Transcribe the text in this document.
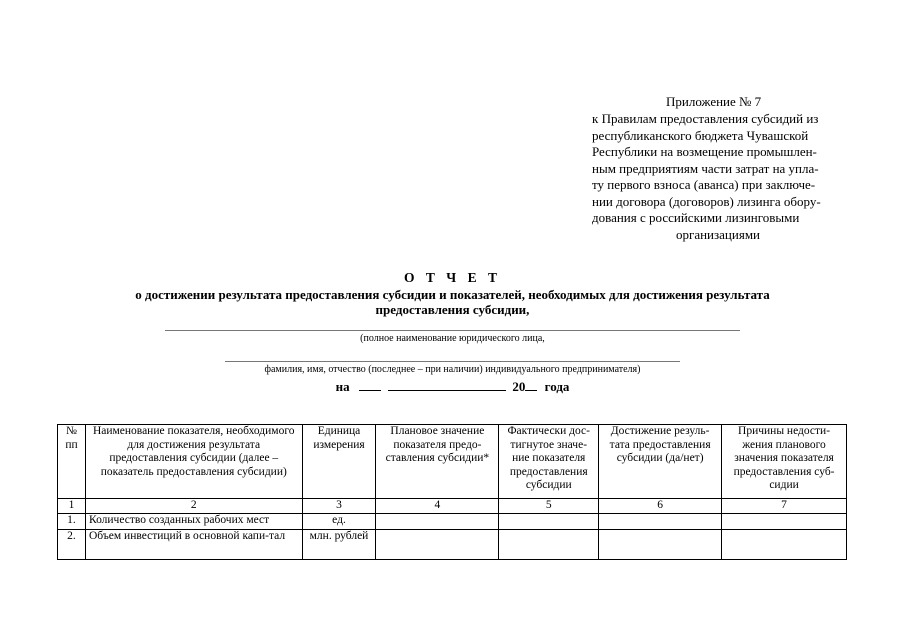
Приложение № 7
к Правилам предоставления субсидий из
республиканского бюджета Чувашской
Республики на возмещение промышлен-
ным предприятиям части затрат на упла-
ту первого взноса (аванса) при заключе-
нии договора (договоров) лизинга обору-
дования с российскими лизинговыми
организациями
О Т Ч Е Т
о достижении результата предоставления субсидии и показателей, необходимых для достижения результата предоставления субсидии,
(полное наименование юридического лица,
фамилия, имя, отчество (последнее – при наличии) индивидуального предпринимателя)
на	20 года
№ пп	Наименование показателя, необходимого для достижения результата предоставления субсидии (далее – показатель предоставления субсидии)	Единица измерения	Плановое значение показателя предо-ставления субсидии*	Фактически дос-тигнутое значе-ние показателя предоставления субсидии	Достижение резуль-тата предоставления субсидии (да/нет)	Причины недости-жения планового значения показателя предоставления суб-сидии
1	2	3	4	5	6	7
1.	Количество созданных рабочих мест	ед.				
2.	Объем инвестиций в основной капи-тал	млн. рублей				
